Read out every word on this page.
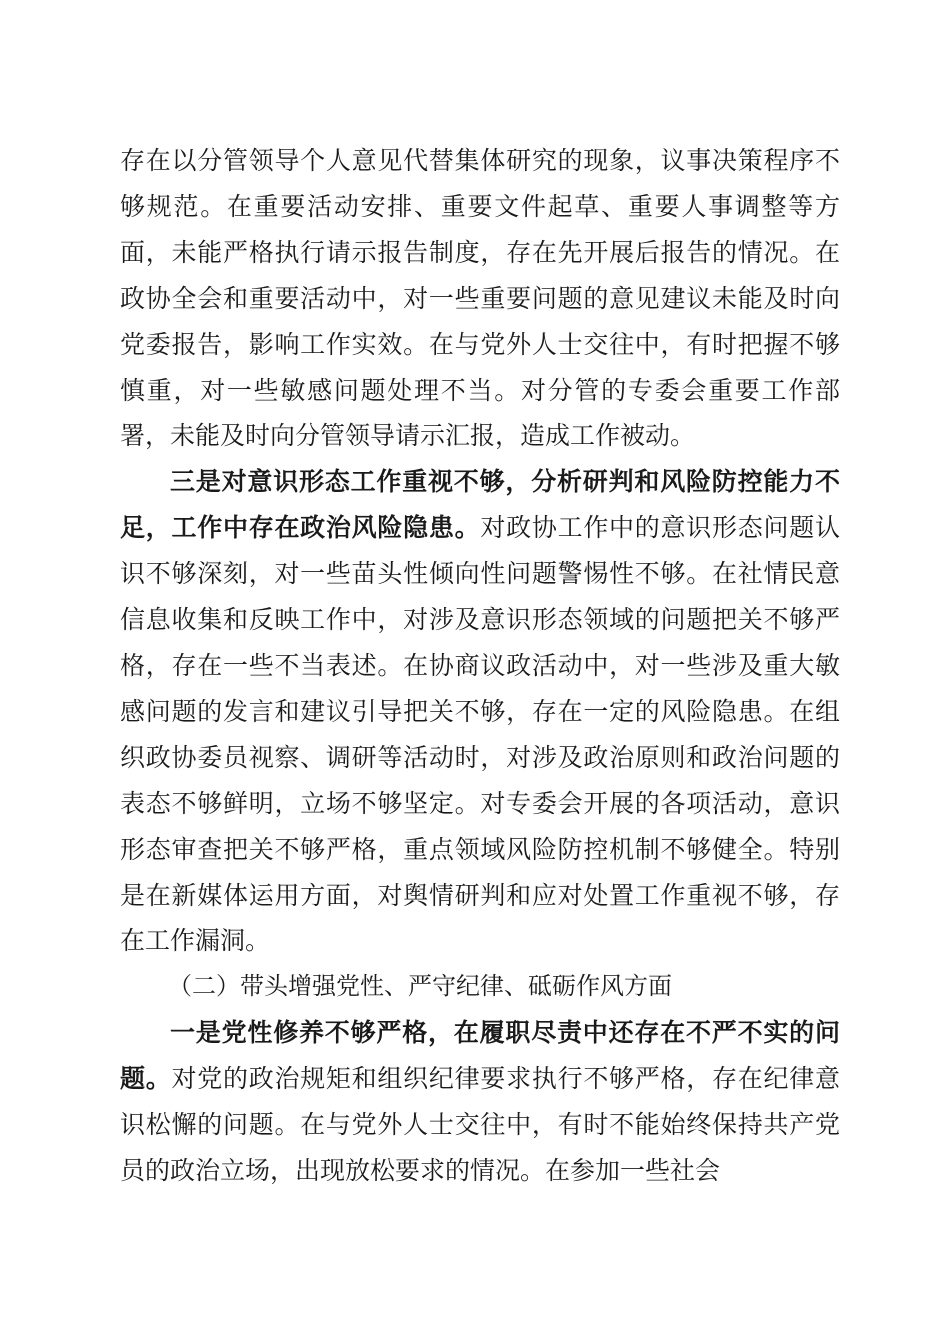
存在以分管领导个人意见代替集体研究的现象，议事决策程序不够规范。在重要活动安排、重要文件起草、重要人事调整等方面，未能严格执行请示报告制度，存在先开展后报告的情况。在政协全会和重要活动中，对一些重要问题的意见建议未能及时向党委报告，影响工作实效。在与党外人士交往中，有时把握不够慎重，对一些敏感问题处理不当。对分管的专委会重要工作部署，未能及时向分管领导请示汇报，造成工作被动。

三是对意识形态工作重视不够，分析研判和风险防控能力不足，工作中存在政治风险隐患。对政协工作中的意识形态问题认识不够深刻，对一些苗头性倾向性问题警惕性不够。在社情民意信息收集和反映工作中，对涉及意识形态领域的问题把关不够严格，存在一些不当表述。在协商议政活动中，对一些涉及重大敏感问题的发言和建议引导把关不够，存在一定的风险隐患。在组织政协委员视察、调研等活动时，对涉及政治原则和政治问题的表态不够鲜明，立场不够坚定。对专委会开展的各项活动，意识形态审查把关不够严格，重点领域风险防控机制不够健全。特别是在新媒体运用方面，对舆情研判和应对处置工作重视不够，存在工作漏洞。

（二）带头增强党性、严守纪律、砥砺作风方面

一是党性修养不够严格，在履职尽责中还存在不严不实的问题。对党的政治规矩和组织纪律要求执行不够严格，存在纪律意识松懈的问题。在与党外人士交往中，有时不能始终保持共产党员的政治立场，出现放松要求的情况。在参加一些社会
